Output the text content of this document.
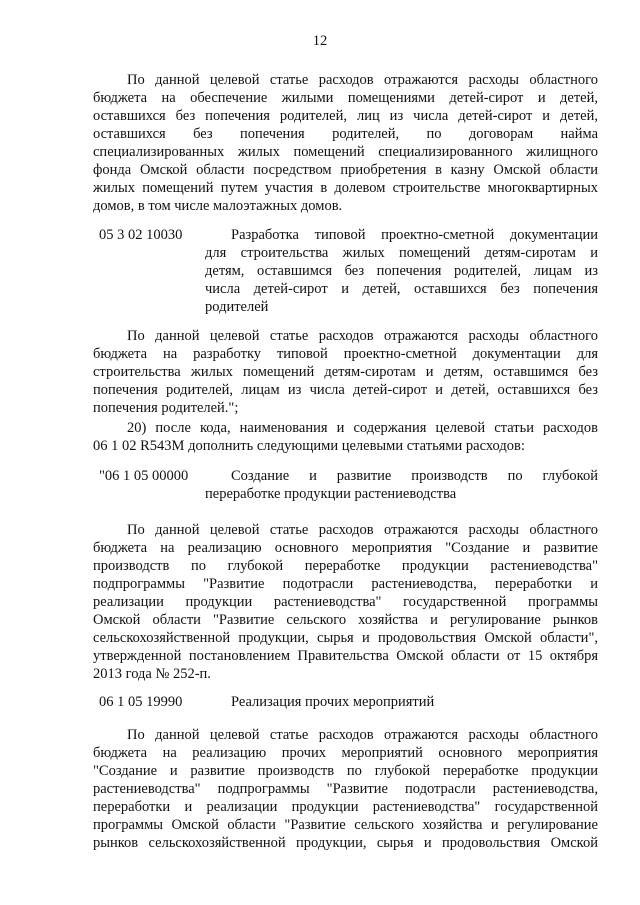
12
По данной целевой статье расходов отражаются расходы областного
бюджета на обеспечение жилыми помещениями детей-сирот и детей,
оставшихся без попечения родителей, лиц из числа детей-сирот и детей,
оставшихся без попечения родителей, по договорам найма
специализированных жилых помещений специализированного жилищного
фонда Омской области посредством приобретения в казну Омской области
жилых помещений путем участия в долевом строительстве многоквартирных
домов, в том числе малоэтажных домов.
05 3 02 10030	Разработка типовой проектно-сметной документации
для строительства жилых помещений детям-сиротам и
детям, оставшимся без попечения родителей, лицам из
числа детей-сирот и детей, оставшихся без попечения
родителей
По данной целевой статье расходов отражаются расходы областного
бюджета на разработку типовой проектно-сметной документации для
строительства жилых помещений детям-сиротам и детям, оставшимся без
попечения родителей, лицам из числа детей-сирот и детей, оставшихся без
попечения родителей.";
20) после кода, наименования и содержания целевой статьи расходов
06 1 02 R543M дополнить следующими целевыми статьями расходов:
"06 1 05 00000	Создание и развитие производств по глубокой
переработке продукции растениеводства
По данной целевой статье расходов отражаются расходы областного
бюджета на реализацию основного мероприятия "Создание и развитие
производств по глубокой переработке продукции растениеводства"
подпрограммы "Развитие подотрасли растениеводства, переработки и
реализации продукции растениеводства" государственной программы
Омской области "Развитие сельского хозяйства и регулирование рынков
сельскохозяйственной продукции, сырья и продовольствия Омской области",
утвержденной постановлением Правительства Омской области от 15 октября
2013 года № 252-п.
06 1 05 19990	Реализация прочих мероприятий
По данной целевой статье расходов отражаются расходы областного
бюджета на реализацию прочих мероприятий основного мероприятия
"Создание и развитие производств по глубокой переработке продукции
растениеводства" подпрограммы "Развитие подотрасли растениеводства,
переработки и реализации продукции растениеводства" государственной
программы Омской области "Развитие сельского хозяйства и регулирование
рынков сельскохозяйственной продукции, сырья и продовольствия Омской
